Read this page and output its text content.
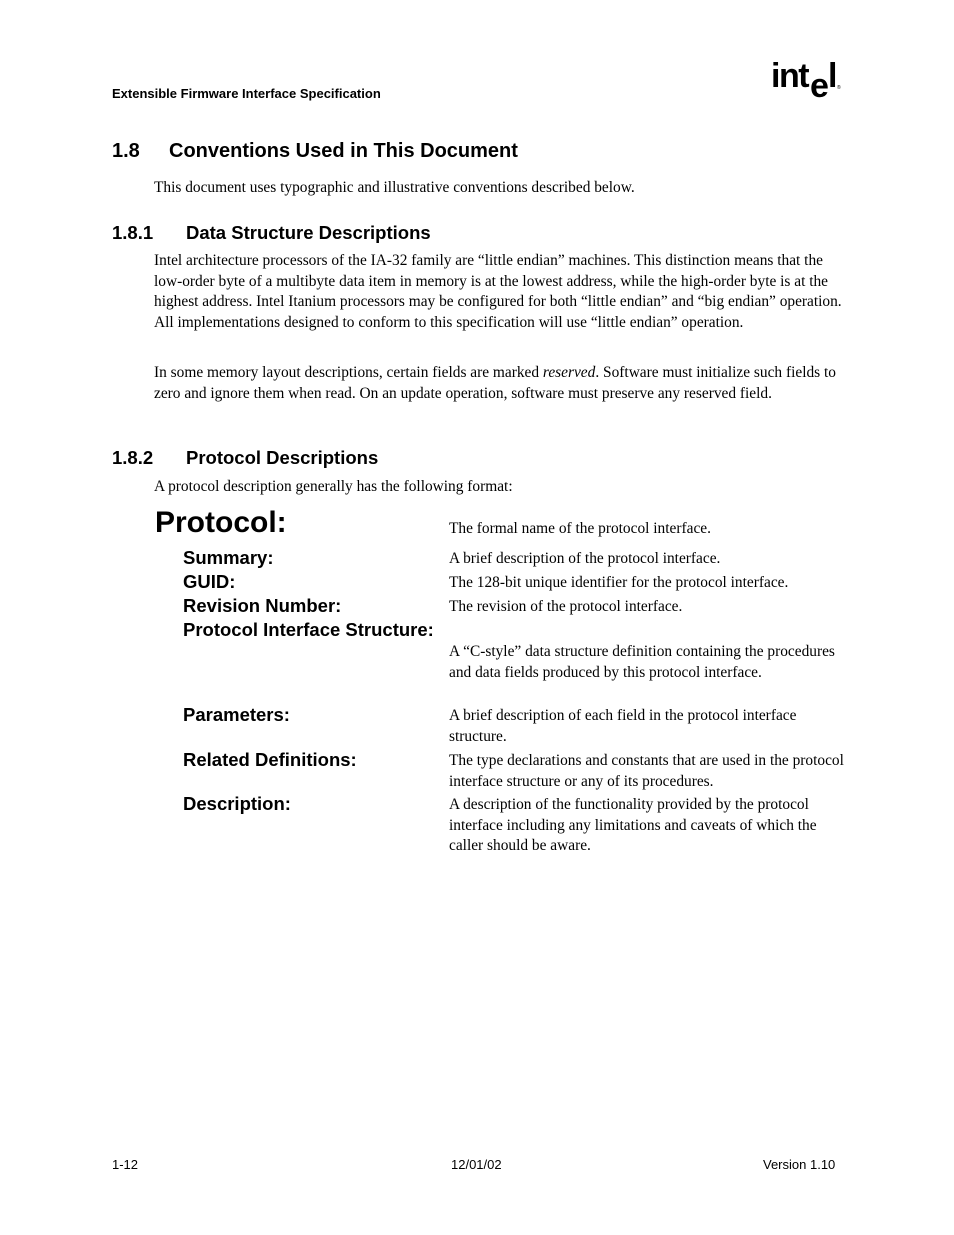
Extensible Firmware Interface Specification	int e l ®
1.8 Conventions Used in This Document
This document uses typographic and illustrative conventions described below.
1.8.1 Data Structure Descriptions
Intel architecture processors of the IA-32 family are “little endian” machines. This distinction means that the low-order byte of a multibyte data item in memory is at the lowest address, while the high-order byte is at the highest address. Intel Itanium processors may be configured for both “little endian” and “big endian” operation. All implementations designed to conform to this specification will use “little endian” operation.
In some memory layout descriptions, certain fields are marked reserved. Software must initialize such fields to zero and ignore them when read. On an update operation, software must preserve any reserved field.
1.8.2 Protocol Descriptions
A protocol description generally has the following format:
Protocol:	The formal name of the protocol interface.
Summary:	A brief description of the protocol interface.
GUID:	The 128-bit unique identifier for the protocol interface.
Revision Number:	The revision of the protocol interface.
Protocol Interface Structure:
A “C-style” data structure definition containing the procedures and data fields produced by this protocol interface.
Parameters:	A brief description of each field in the protocol interface structure.
Related Definitions:	The type declarations and constants that are used in the protocol interface structure or any of its procedures.
Description:	A description of the functionality provided by the protocol interface including any limitations and caveats of which the caller should be aware.
1-12	12/01/02	Version 1.10
